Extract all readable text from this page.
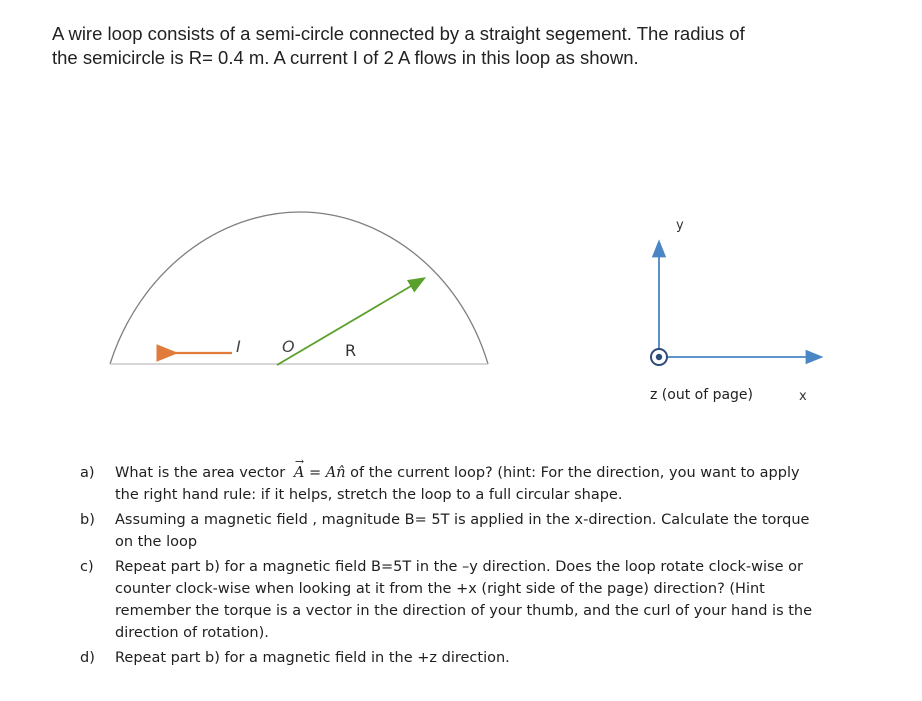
A wire loop consists of a semi-circle connected by a straight segement. The radius of
the semicircle is R= 0.4 m. A current I of 2 A flows in this loop as shown.
I	O	R
y
z (out of page)	x
a)	What is the area vector
→
A = An̂ of the current loop? (hint: For the direction, you want to apply
the right hand rule: if it helps, stretch the loop to a full circular shape.
b)	Assuming a magnetic field , magnitude B= 5T is applied in the x-direction. Calculate the torque
on the loop
c)	Repeat part b) for a magnetic field B=5T in the –y direction. Does the loop rotate clock-wise or
counter clock-wise when looking at it from the +x (right side of the page) direction? (Hint
remember the torque is a vector in the direction of your thumb, and the curl of your hand is the
direction of rotation).
d)	Repeat part b) for a magnetic field in the +z direction.
